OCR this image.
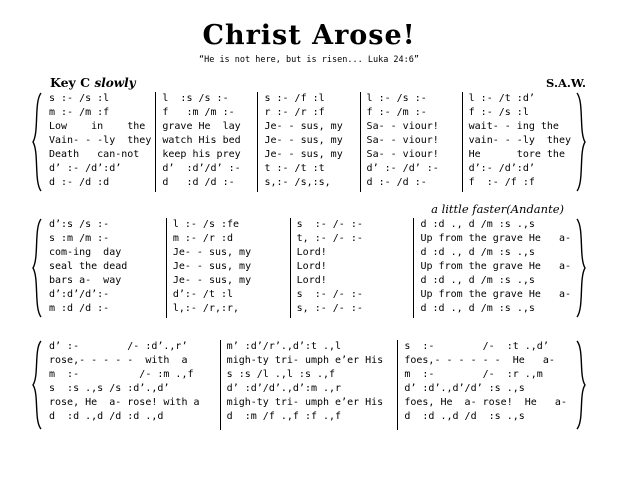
Christ Arose!
“He is not here, but is risen... Luka 24:6”
Key C slowly	S.A.W.
s :- /s :l
m :- /m :f
Low    in    the
Vain- - -ly  they
Death   can-not
d’ :- /d’:d’
d :- /d :d
l  :s /s :-
f   :m /m :-
grave He  lay
watch His bed
keep his prey
d’  :d’/d’ :-
d   :d /d :-
s :- /f :l
r :- /r :f
Je- - sus, my
Je- - sus, my
Je- - sus, my
t :- /t :t
s,:- /s,:s,
l :- /s :-
f :- /m :-
Sa- - viour!
Sa- - viour!
Sa- - viour!
d’ :- /d’ :-
d :- /d :-
l :- /t :d’
f :- /s :l
wait- - ing the
vain- - -ly  they
He      tore the
d’:- /d’:d’
f  :- /f :f
a little faster(Andante)
d’:s /s :-
s :m /m :-
com-ing  day
seal the dead
bars a-  way
d’:d’/d’:-
m :d /d :-
l :- /s :fe
m :- /r :d
Je- - sus, my
Je- - sus, my
Je- - sus, my
d’:- /t :l
l,:- /r,:r,
s  :- /- :-
t, :- /- :-
Lord!
Lord!
Lord!
s  :- /- :-
s, :- /- :-
d :d ., d /m :s .,s
Up from the grave He   a-
d :d ., d /m :s .,s
Up from the grave He   a-
d :d ., d /m :s .,s
Up from the grave He   a-
d :d ., d /m :s .,s
d’ :-        /- :d’.,r’
rose,- - - - -  with  a
m  :-          /- :m .,f
s  :s .,s /s :d’.,d’
rose, He  a- rose! with a
d  :d .,d /d :d .,d
m’ :d’/r’.,d’:t .,l
migh-ty tri- umph e’er His
s :s /l .,l :s .,f
d’ :d’/d’.,d’:m .,r
migh-ty tri- umph e’er His
d  :m /f .,f :f .,f
s  :-        /-  :t .,d’
foes,- - - - - -  He   a-
m  :-        /-  :r .,m
d’ :d’.,d’/d’ :s .,s
foes, He  a- rose!  He   a-
d  :d .,d /d  :s .,s
